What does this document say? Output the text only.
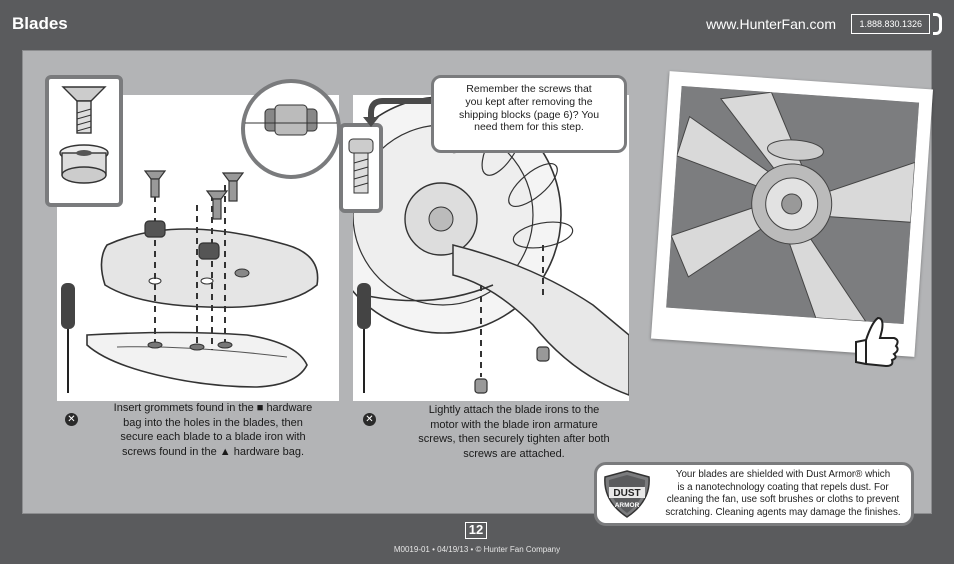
Blades	www.HunterFan.com	1.888.830.1326
Remember the screws that
you kept after removing the
shipping blocks (page 6)? You
need them for this step.
✕
Insert grommets found in the ■ hardware
bag into the holes in the blades, then
secure each blade to a blade iron with
screws found in the ▲ hardware bag.
✕
Lightly attach the blade irons to the
motor with the blade iron armature
screws, then securely tighten after both
screws are attached.
DUST
ARMOR
Your blades are shielded with Dust Armor® which
is a nanotechnology coating that repels dust. For
cleaning the fan, use soft brushes or cloths to prevent
scratching. Cleaning agents may damage the finishes.
12
M0019-01 • 04/19/13 • © Hunter Fan Company
